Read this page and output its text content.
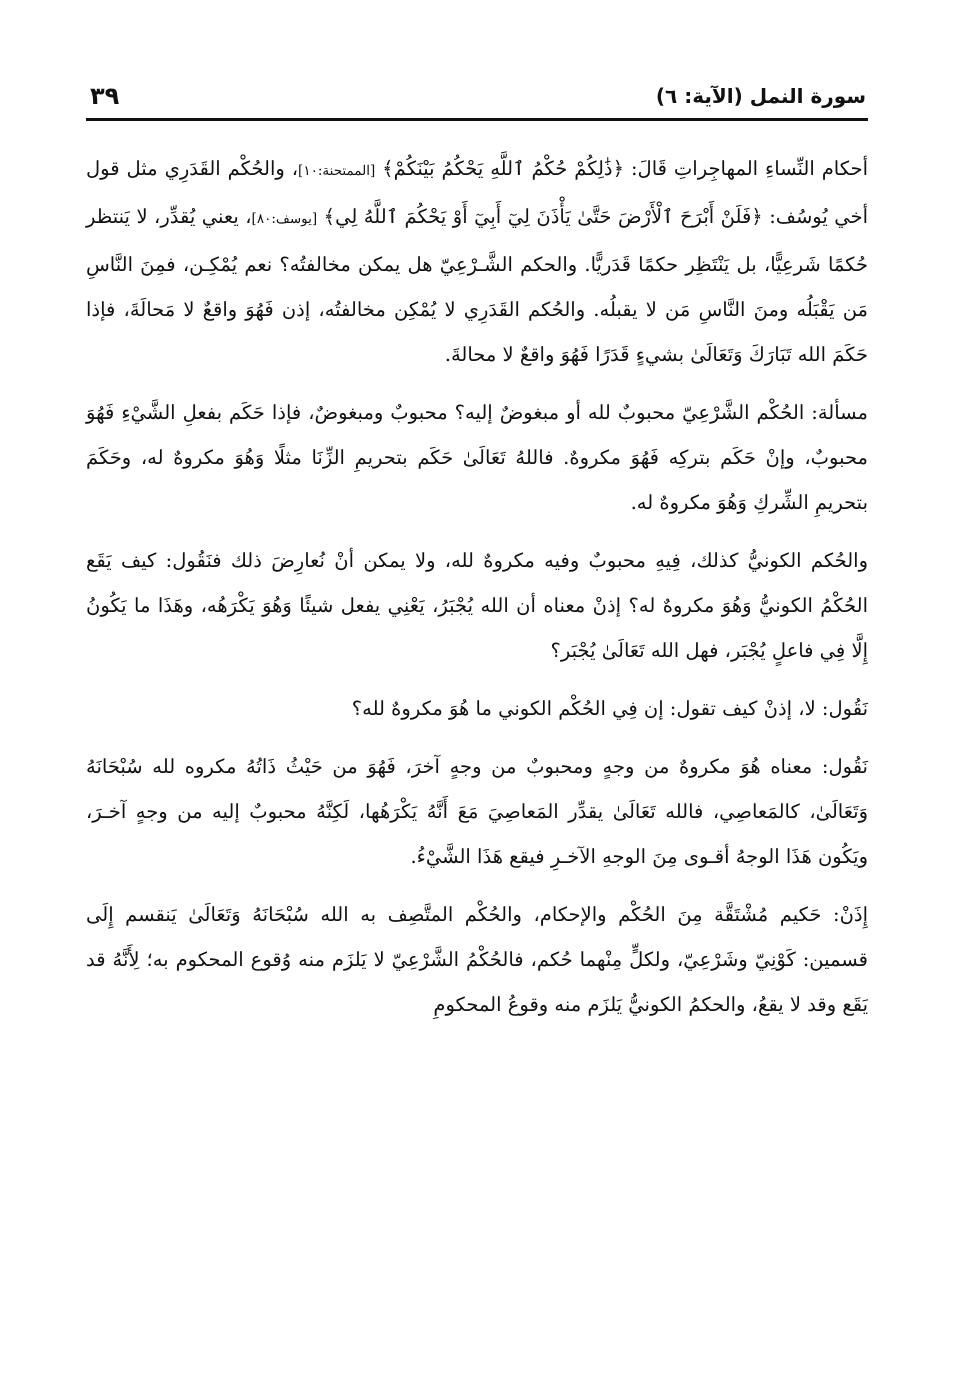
٣٩	سورة النمل (الآية: ٦)

أحكام النِّساءِ المهاجِراتِ قَالَ: ﴿ذَٰلِكُمْ حُكْمُ ٱللَّهِ يَحْكُمُ بَيْنَكُمْ﴾ [الممتحنة:١٠]، والحُكْم القَدَرِي مثل قول أخي يُوسُف: ﴿فَلَنْ أَبْرَحَ ٱلْأَرْضَ حَتَّىٰ يَأْذَنَ لِيٓ أَبِيٓ أَوْ يَحْكُمَ ٱللَّهُ لِي﴾ [يوسف:٨٠]، يعني يُقدِّر، لا يَنتظر حُكمًا شَرعِيًّا، بل يَنْتَظِر حكمًا قَدَريًّا. والحكم الشَّـرْعِيّ هل يمكن مخالفتُه؟ نعم يُمْكِـن، فمِنَ النَّاسِ مَن يَقْبَلُه ومنَ النَّاسِ مَن لا يقبلُه. والحُكم القَدَرِي لا يُمْكِن مخالفتُه، إذن فَهُوَ واقعٌ لا مَحالَةَ، فإذا حَكَمَ الله تَبَارَكَ وَتَعَالَىٰ بشيءٍ قَدَرًا فَهُوَ واقعٌ لا محالةَ.

مسألة: الحُكْم الشَّرْعِيّ محبوبٌ لله أو مبغوضٌ إليه؟ محبوبٌ ومبغوضٌ، فإذا حَكَم بفعلِ الشَّيْءِ فَهُوَ محبوبٌ، وإنْ حَكَم بتركِه فَهُوَ مكروهٌ. فاللهُ تَعَالَىٰ حَكَم بتحريمِ الزِّنَا مثلًا وَهُوَ مكروهٌ له، وحَكَمَ بتحريمِ الشِّركِ وَهُوَ مكروهٌ له.

والحُكم الكونيُّ كذلك، فِيهِ محبوبٌ وفيه مكروهٌ لله، ولا يمكن أنْ نُعارِضَ ذلك فنَقُول: كيف يَقَع الحُكْمُ الكونيُّ وَهُوَ مكروهٌ له؟ إذنْ معناه أن الله يُجْبَرُ، يَعْنِي يفعل شيئًا وَهُوَ يَكْرَهُه، وهَذَا ما يَكُونُ إِلَّا فِي فاعلٍ يُجْبَر، فهل الله تَعَالَىٰ يُجْبَر؟

نَقُول: لا، إذنْ كيف تقول: إن فِي الحُكْم الكوني ما هُوَ مكروهٌ لله؟

نَقُول: معناه هُوَ مكروهٌ من وجهٍ ومحبوبٌ من وجهٍ آخرَ، فَهُوَ من حَيْثُ ذَاتُهُ مكروه لله سُبْحَانَهُ وَتَعَالَىٰ، كالمَعاصِي، فالله تَعَالَىٰ يقدِّر المَعاصِيَ مَعَ أَنَّهُ يَكْرَهُها، لَكِنَّهُ محبوبٌ إليه من وجهٍ آخـرَ، ويَكُون هَذَا الوجهُ أقـوى مِنَ الوجهِ الآخـرِ فيقع هَذَا الشَّيْءُ.

إِذَنْ: حَكيم مُشْتَقَّة مِنَ الحُكْم والإحكام، والحُكْم المتَّصِف به الله سُبْحَانَهُ وَتَعَالَىٰ يَنقسم إِلَى قسمين: كَوْنِيّ وشَرْعِيّ، ولكلٍّ مِنْهما حُكم، فالحُكْمُ الشَّرْعِيّ لا يَلزَم منه وُقوع المحكوم به؛ لِأَنَّهُ قد يَقَع وقد لا يقعُ، والحكمُ الكونيُّ يَلزَم منه وقوعُ المحكومِ
